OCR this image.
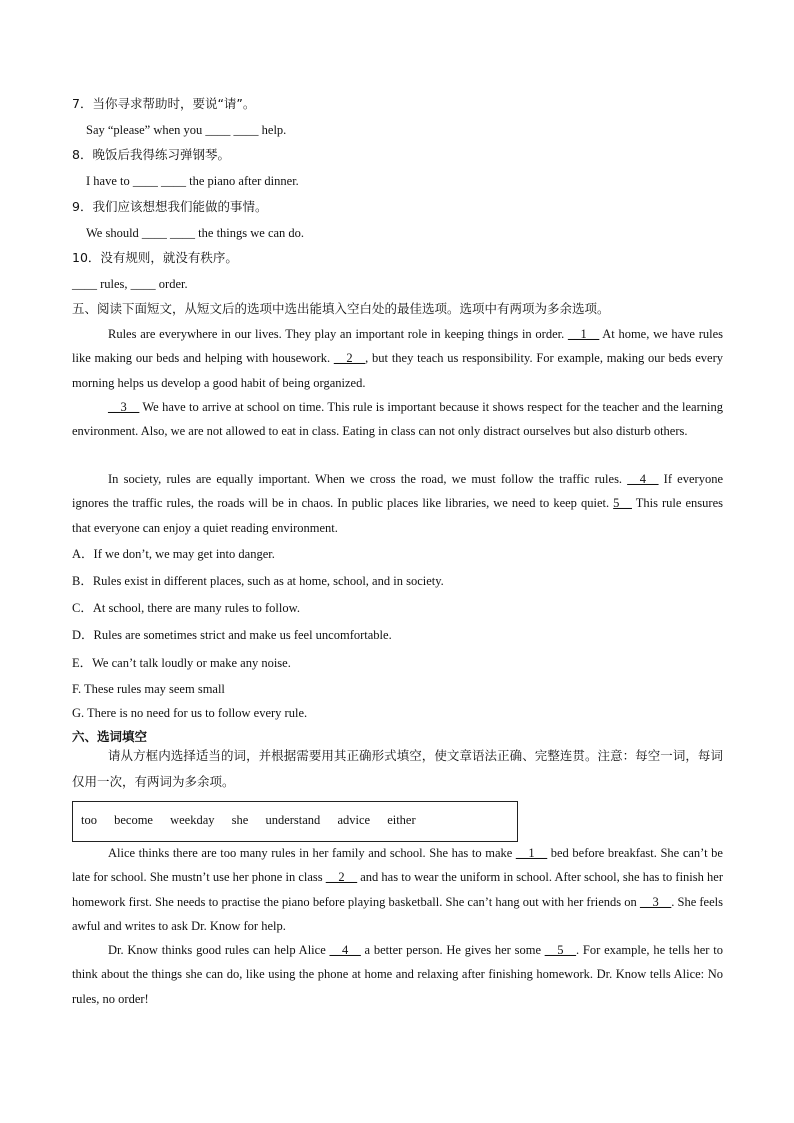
7．当你寻求帮助时，要说“请”。
Say “please” when you ____ ____ help.
8．晚饭后我得练习弹钢琴。
I have to ____ ____ the piano after dinner.
9．我们应该想想我们能做的事情。
We should ____ ____ the things we can do.
10．没有规则，就没有秩序。
____ rules, ____ order.
五、阅读下面短文，从短文后的选项中选出能填入空白处的最佳选项。选项中有两项为多余选项。
Rules are everywhere in our lives. They play an important role in keeping things in order. __1__ At home, we have rules like making our beds and helping with housework. __2__, but they teach us responsibility. For example, making our beds every morning helps us develop a good habit of being organized.
__3__ We have to arrive at school on time. This rule is important because it shows respect for the teacher and the learning environment. Also, we are not allowed to eat in class. Eating in class can not only distract ourselves but also disturb others.
In society, rules are equally important. When we cross the road, we must follow the traffic rules. __4__ If everyone ignores the traffic rules, the roads will be in chaos. In public places like libraries, we need to keep quiet. 5__ This rule ensures that everyone can enjoy a quiet reading environment.
A．If we don’t, we may get into danger.
B．Rules exist in different places, such as at home, school, and in society.
C．At school, there are many rules to follow.
D．Rules are sometimes strict and make us feel uncomfortable.
E．We can’t talk loudly or make any noise.
F. These rules may seem small
G. There is no need for us to follow every rule.
六、选词填空
请从方框内选择适当的词，并根据需要用其正确形式填空，使文章语法正确、完整连贯。注意：每空一词，每词仅用一次，有两词为多余项。
too become weekday she understand advice either
Alice thinks there are too many rules in her family and school. She has to make __1__ bed before breakfast. She can’t be late for school. She mustn’t use her phone in class __2__ and has to wear the uniform in school. After school, she has to finish her homework first. She needs to practise the piano before playing basketball. She can’t hang out with her friends on __3__. She feels awful and writes to ask Dr. Know for help.
Dr. Know thinks good rules can help Alice __4__ a better person. He gives her some __5__. For example, he tells her to think about the things she can do, like using the phone at home and relaxing after finishing homework. Dr. Know tells Alice: No rules, no order!
